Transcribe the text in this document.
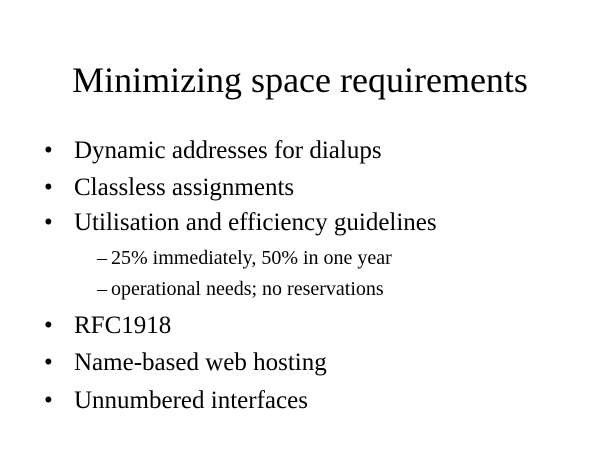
Minimizing space requirements
• Dynamic addresses for dialups
• Classless assignments
• Utilisation and efficiency guidelines
– 25% immediately, 50% in one year
– operational needs; no reservations
• RFC1918
• Name-based web hosting
• Unnumbered interfaces
